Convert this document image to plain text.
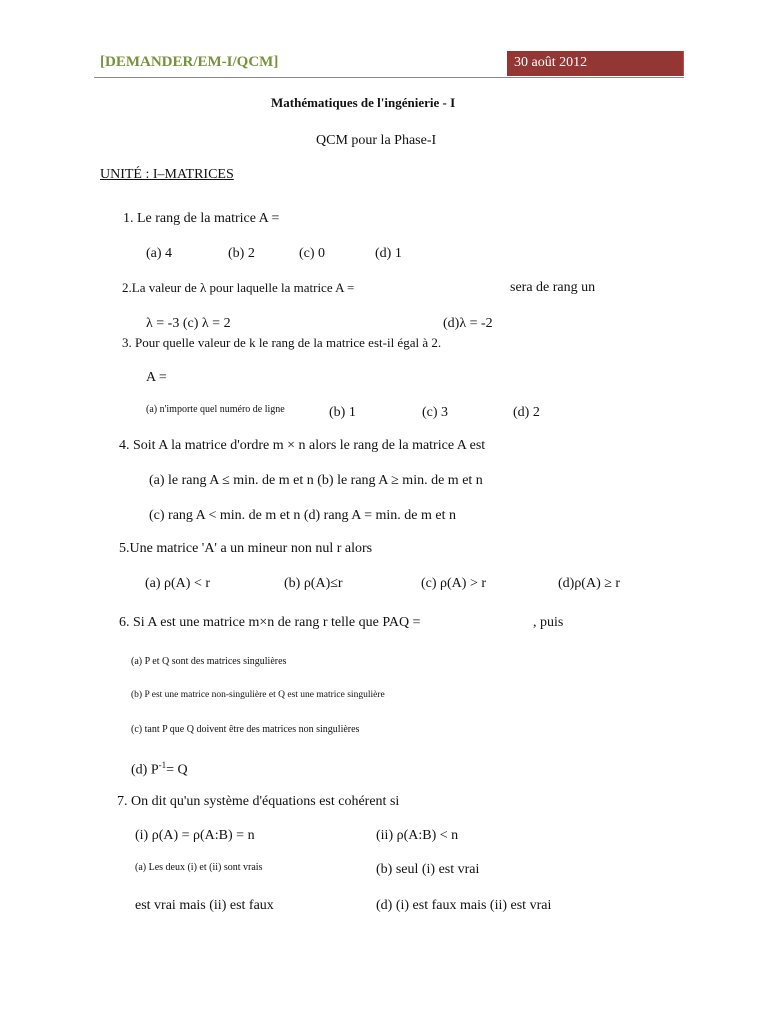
[DEMANDER/EM-I/QCM]	30 août 2012
Mathématiques de l'ingénierie - I
QCM pour la Phase-I
UNITÉ : I–MATRICES
1. Le rang de la matrice A =
(a) 4	(b) 2	(c) 0	(d) 1
2.La valeur de λ pour laquelle la matrice A =	sera de rang un
λ = -3 (c) λ = 2	(d)λ = -2
3. Pour quelle valeur de k le rang de la matrice est-il égal à 2.
A =
(a) n'importe quel numéro de ligne	(b) 1	(c) 3	(d) 2
4. Soit A la matrice d'ordre m × n alors le rang de la matrice A est
(a) le rang A ≤ min. de m et n (b) le rang A ≥ min. de m et n
(c) rang A < min. de m et n (d) rang A = min. de m et n
5.Une matrice 'A' a un mineur non nul r alors
(a) ρ(A) < r	(b) ρ(A)≤r	(c) ρ(A) > r	(d)ρ(A) ≥ r
6. Si A est une matrice m×n de rang r telle que PAQ =	, puis
(a) P et Q sont des matrices singulières
(b) P est une matrice non-singulière et Q est une matrice singulière
(c) tant P que Q doivent être des matrices non singulières
(d) $P^{-1}= Q$
7. On dit qu'un système d'équations est cohérent si
(i) ρ(A) = ρ(A:B) = n	(ii) ρ(A:B) < n
(a) Les deux (i) et (ii) sont vrais	(b) seul (i) est vrai
est vrai mais (ii) est faux	(d) (i) est faux mais (ii) est vrai
